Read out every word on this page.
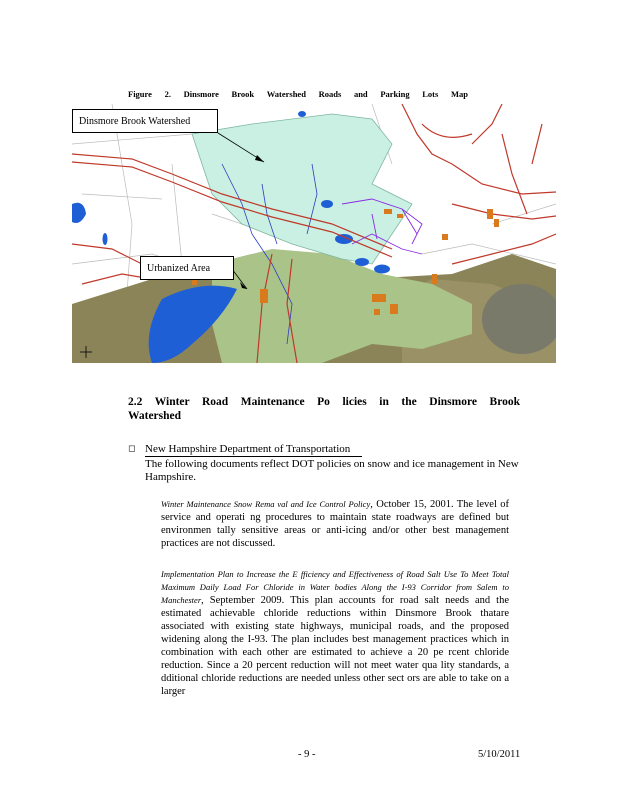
Figure 2. Dinsmore Brook Watershed Roads and Parking Lots Map
Dinsmore Brook Watershed
Urbanized Area
2.2 Winter Road Maintenance Po licies in the Dinsmore Brook
Watershed
◻ New Hampshire Department of Transportation
The following documents reflect DOT policies on snow and ice management in New Hampshire.
Winter Maintenance Snow Rema val and Ice Control Policy, October 15, 2001. The level of service and operati ng procedures to maintain state roadways are defined but environmen tally sensitive areas or anti-icing and/or other best management practices are not discussed.
Implementation Plan to Increase the E fficiency and Effectiveness of Road Salt Use To Meet Total Maximum Daily Load For Chloride in Water bodies Along the I-93 Corridor from Salem to Manchester, September 2009. This plan accounts for road salt needs and the estimated achievable chloride reductions within Dinsmore Brook thatare associated with existing state highways, municipal roads, and the proposed widening along the I-93. The plan includes best management practices which in combination with each other are estimated to achieve a 20 pe rcent chloride reduction. Since a 20 percent reduction will not meet water qua lity standards, a dditional chloride reductions are needed unless other sect ors are able to take on a larger
- 9 -	5/10/2011
